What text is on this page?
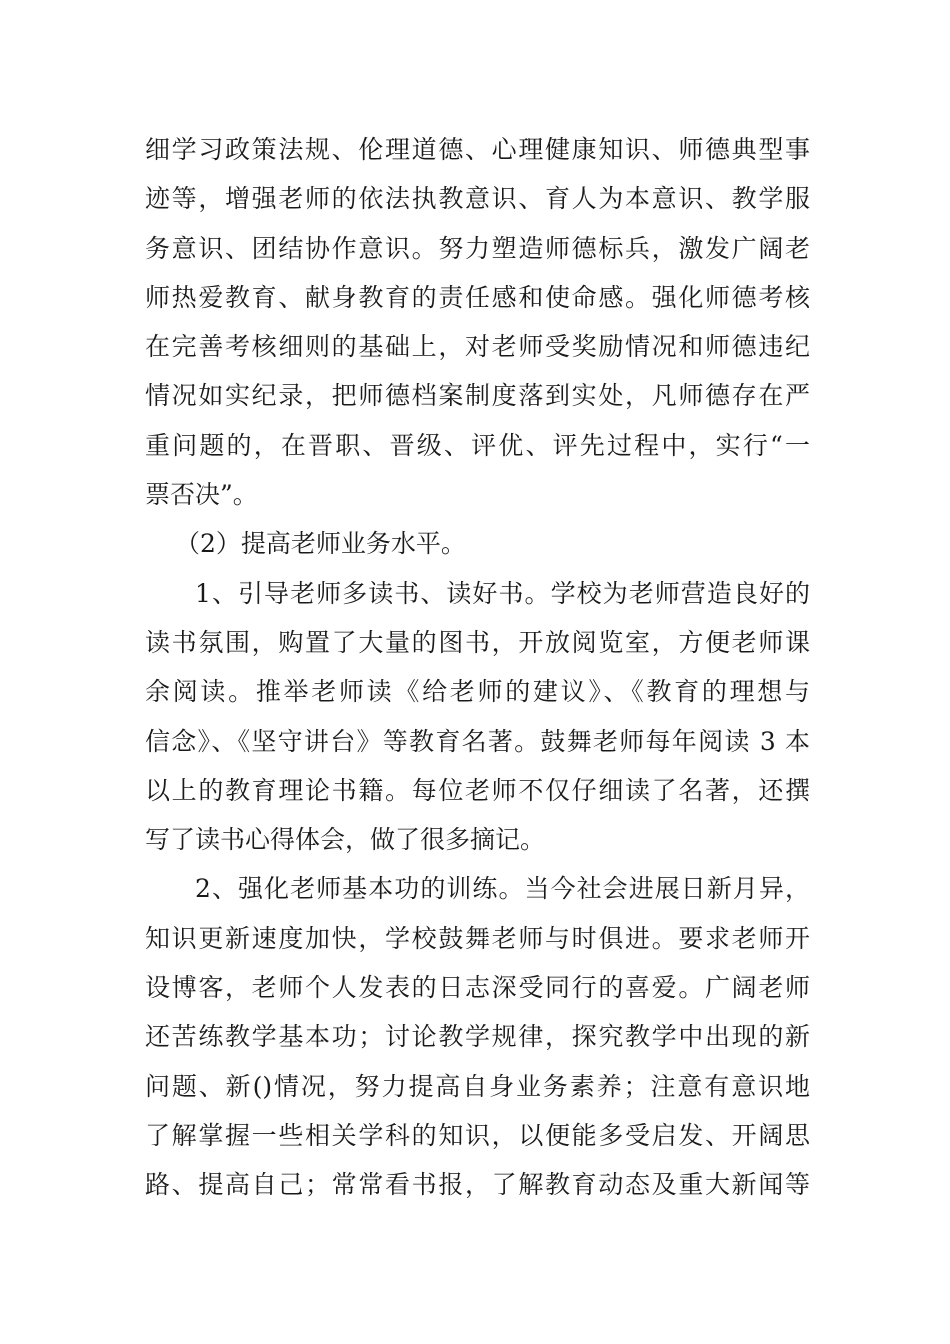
细学习政策法规、伦理道德、心理健康知识、师德典型事
迹等，增强老师的依法执教意识、育人为本意识、教学服
务意识、团结协作意识。努力塑造师德标兵，激发广阔老
师热爱教育、献身教育的责任感和使命感。强化师德考核
在完善考核细则的基础上，对老师受奖励情况和师德违纪
情况如实纪录，把师德档案制度落到实处，凡师德存在严
重问题的，在晋职、晋级、评优、评先过程中，实行“一
票否决”。
（2）提高老师业务水平。
1、引导老师多读书、读好书。学校为老师营造良好的
读书氛围，购置了大量的图书，开放阅览室，方便老师课
余阅读。推举老师读《给老师的建议》、《教育的理想与
信念》、《坚守讲台》等教育名著。鼓舞老师每年阅读 3 本
以上的教育理论书籍。每位老师不仅仔细读了名著，还撰
写了读书心得体会，做了很多摘记。
2、强化老师基本功的训练。当今社会进展日新月异，
知识更新速度加快，学校鼓舞老师与时俱进。要求老师开
设博客，老师个人发表的日志深受同行的喜爱。广阔老师
还苦练教学基本功；讨论教学规律，探究教学中出现的新
问题、新()情况，努力提高自身业务素养；注意有意识地
了解掌握一些相关学科的知识，以便能多受启发、开阔思
路、提高自己；常常看书报，了解教育动态及重大新闻等
